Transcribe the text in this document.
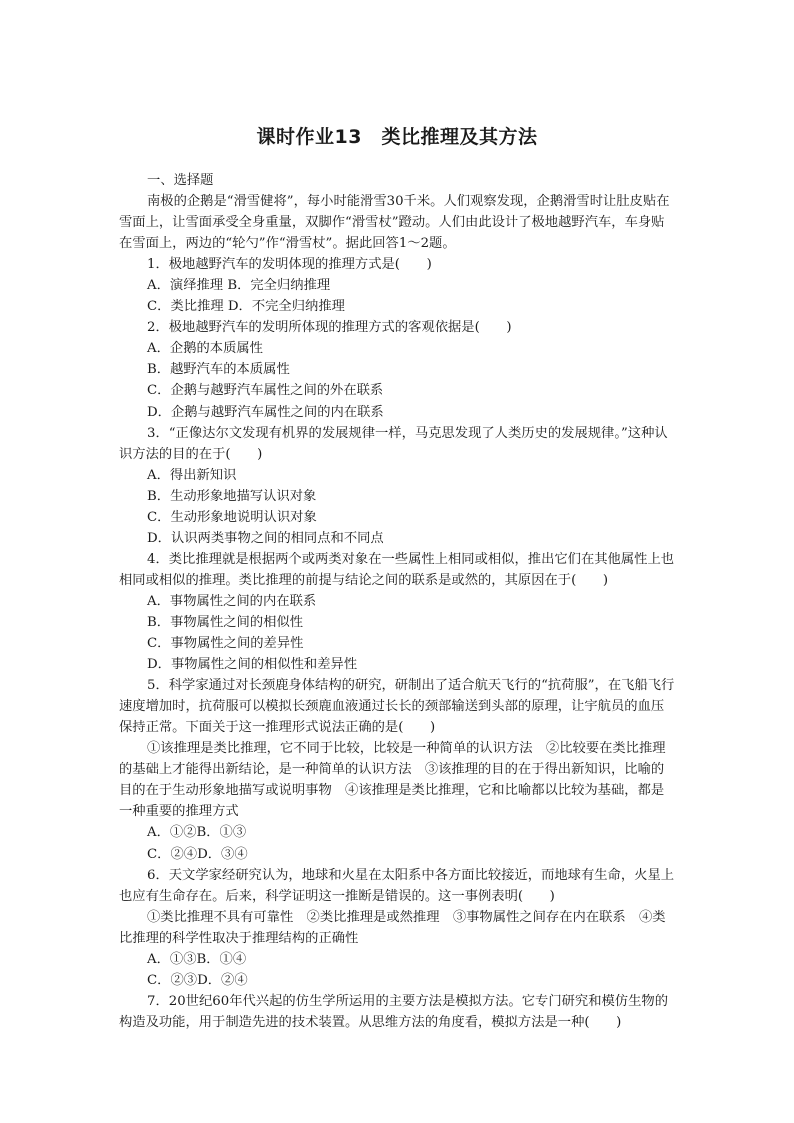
课时作业13　类比推理及其方法

一、选择题

南极的企鹅是“滑雪健将”，每小时能滑雪30千米。人们观察发现，企鹅滑雪时让肚皮贴在雪面上，让雪面承受全身重量，双脚作“滑雪杖”蹬动。人们由此设计了极地越野汽车，车身贴在雪面上，两边的“轮勺”作“滑雪杖”。据此回答1～2题。

1．极地越野汽车的发明体现的推理方式是(　　)

A．演绎推理 B．完全归纳推理

C．类比推理 D．不完全归纳推理

2．极地越野汽车的发明所体现的推理方式的客观依据是(　　)

A．企鹅的本质属性

B．越野汽车的本质属性

C．企鹅与越野汽车属性之间的外在联系

D．企鹅与越野汽车属性之间的内在联系

3．“正像达尔文发现有机界的发展规律一样，马克思发现了人类历史的发展规律。”这种认识方法的目的在于(　　)

A．得出新知识

B．生动形象地描写认识对象

C．生动形象地说明认识对象

D．认识两类事物之间的相同点和不同点

4．类比推理就是根据两个或两类对象在一些属性上相同或相似，推出它们在其他属性上也相同或相似的推理。类比推理的前提与结论之间的联系是或然的，其原因在于(　　)

A．事物属性之间的内在联系

B．事物属性之间的相似性

C．事物属性之间的差异性

D．事物属性之间的相似性和差异性

5．科学家通过对长颈鹿身体结构的研究，研制出了适合航天飞行的“抗荷服”，在飞船飞行速度增加时，抗荷服可以模拟长颈鹿血液通过长长的颈部输送到头部的原理，让宇航员的血压保持正常。下面关于这一推理形式说法正确的是(　　)

①该推理是类比推理，它不同于比较，比较是一种简单的认识方法　②比较要在类比推理的基础上才能得出新结论，是一种简单的认识方法　③该推理的目的在于得出新知识，比喻的目的在于生动形象地描写或说明事物　④该推理是类比推理，它和比喻都以比较为基础，都是一种重要的推理方式

A．①②B．①③

C．②④D．③④

6．天文学家经研究认为，地球和火星在太阳系中各方面比较接近，而地球有生命，火星上也应有生命存在。后来，科学证明这一推断是错误的。这一事例表明(　　)

①类比推理不具有可靠性　②类比推理是或然推理　③事物属性之间存在内在联系　④类比推理的科学性取决于推理结构的正确性

A．①③B．①④

C．②③D．②④

7．20世纪60年代兴起的仿生学所运用的主要方法是模拟方法。它专门研究和模仿生物的构造及功能，用于制造先进的技术装置。从思维方法的角度看，模拟方法是一种(　　)
